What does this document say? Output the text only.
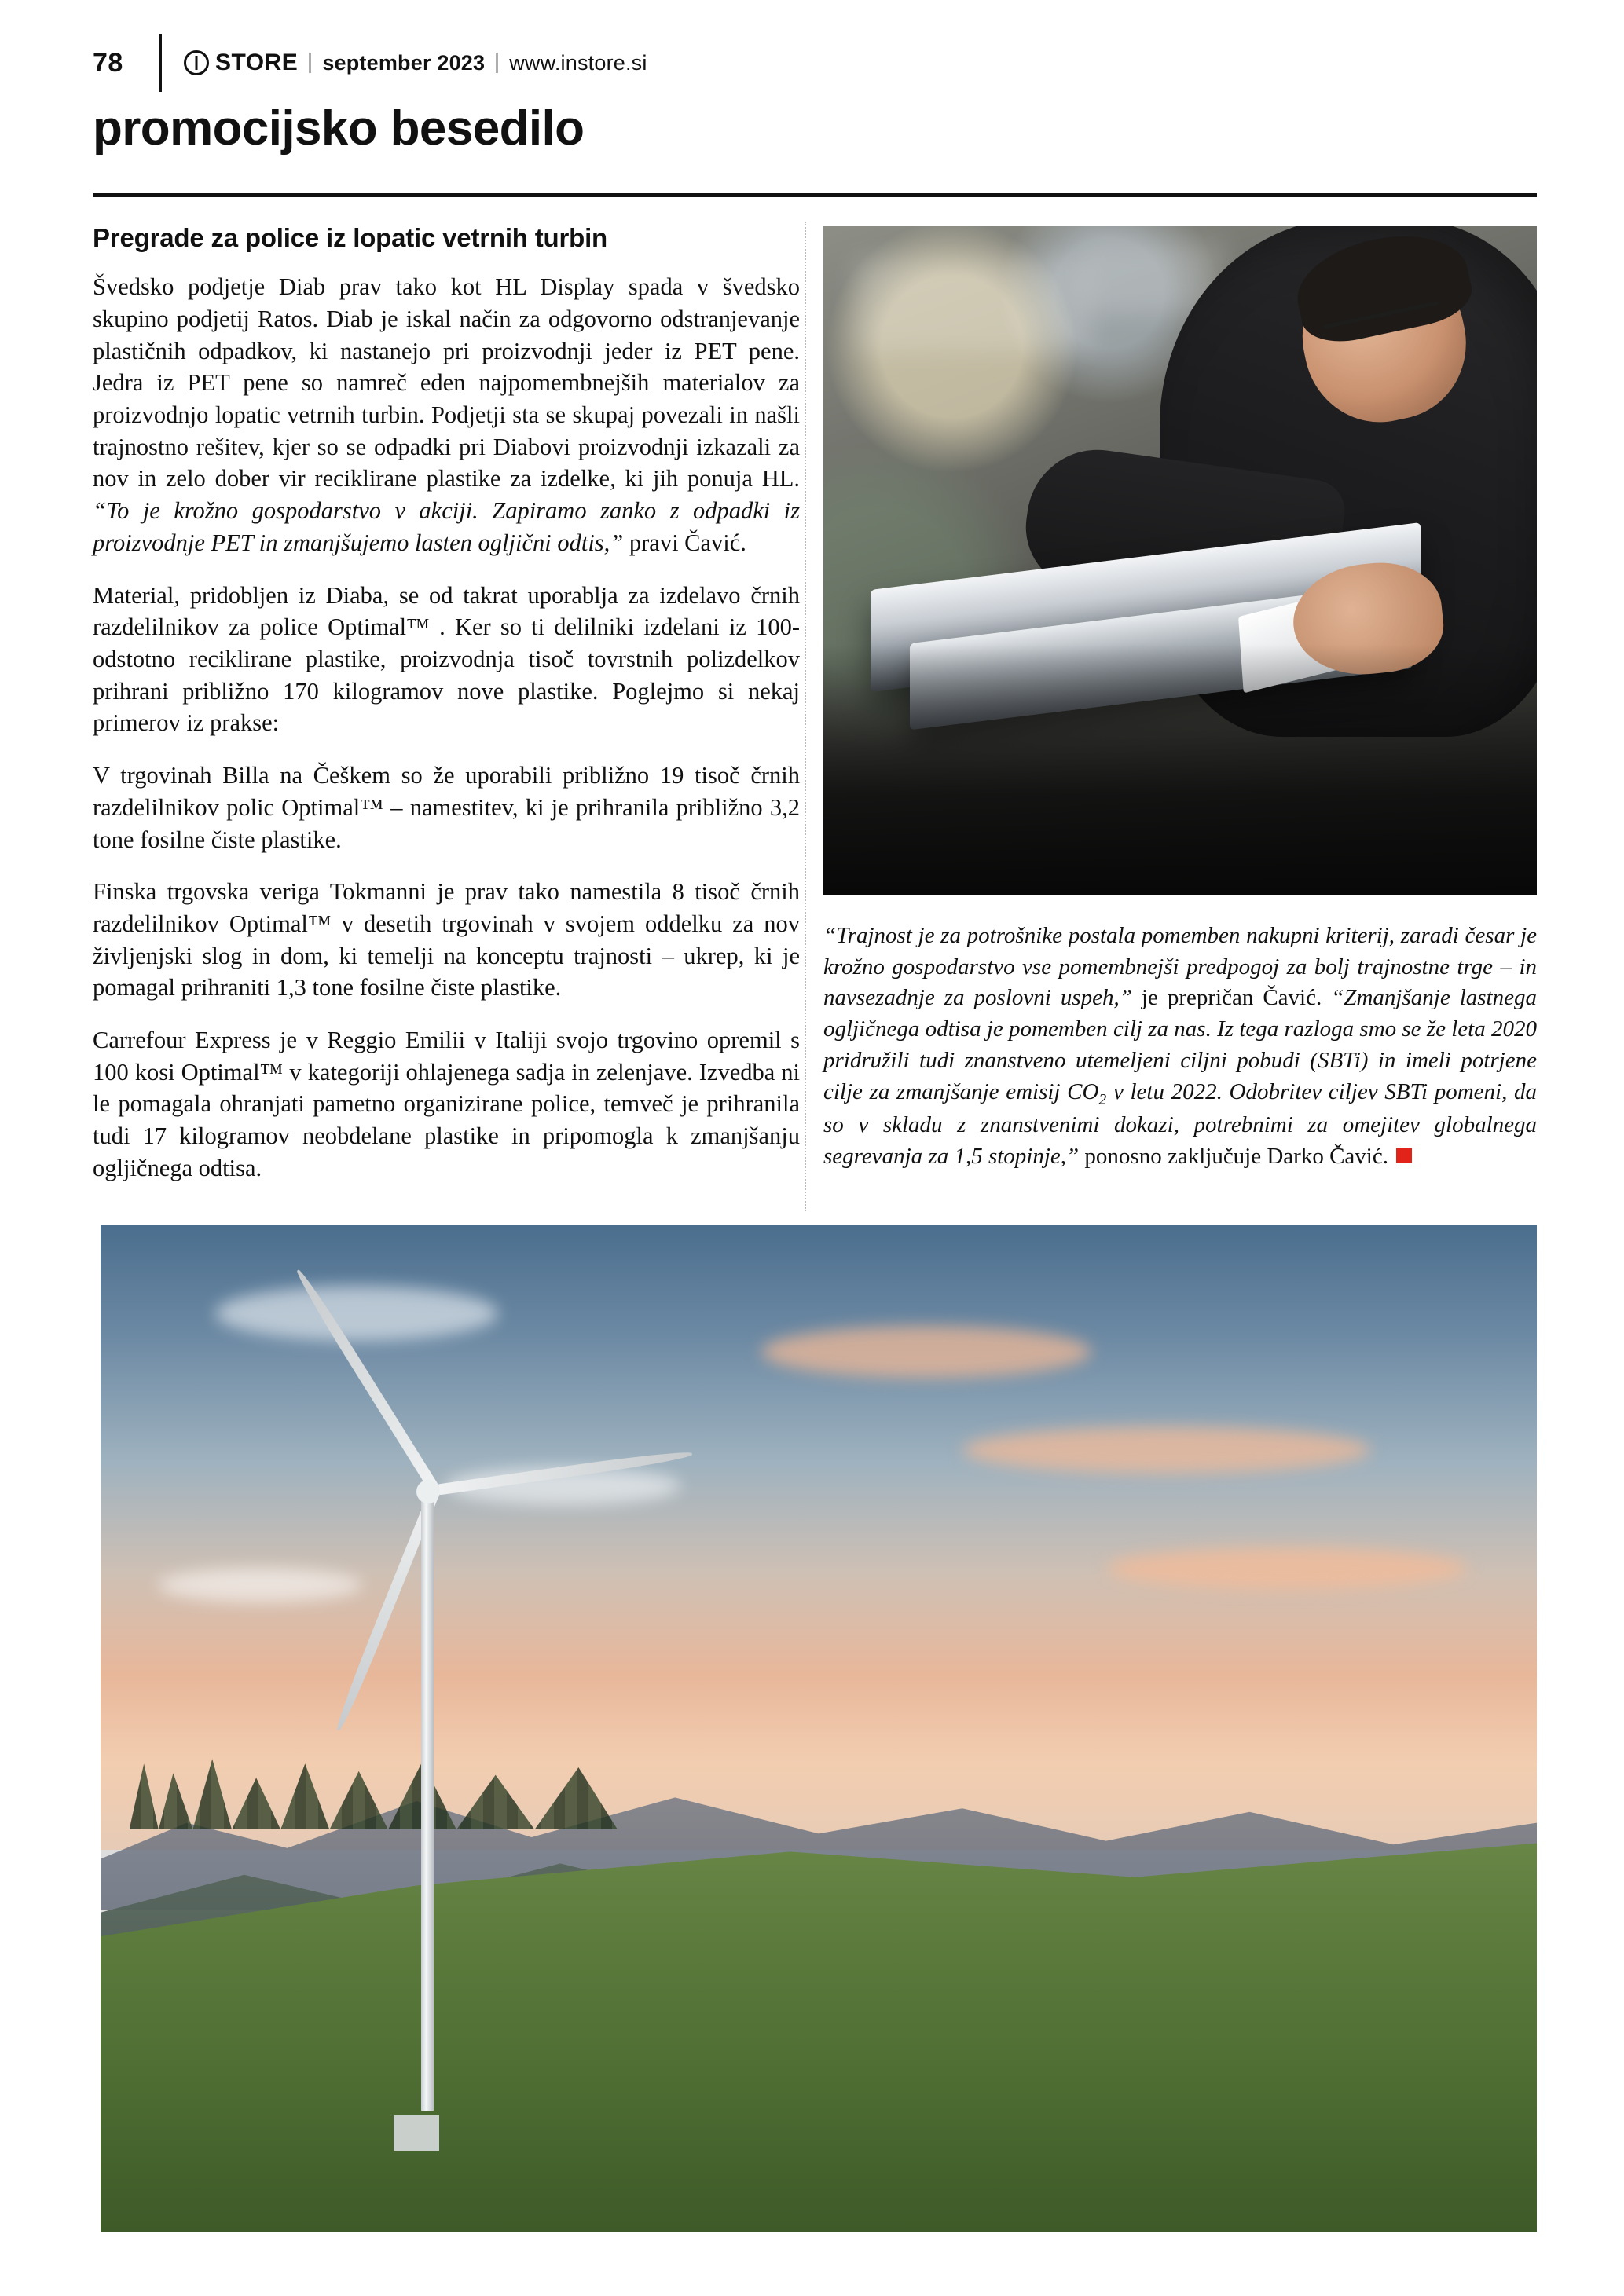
78	STORE september 2023 www.instore.si
promocijsko besedilo
Pregrade za police iz lopatic vetrnih turbin

Švedsko podjetje Diab prav tako kot HL Display spada v švedsko skupino podjetij Ratos. Diab je iskal način za odgovorno odstranjevanje plastičnih odpadkov, ki nastanejo pri proizvodnji jeder iz PET pene. Jedra iz PET pene so namreč eden najpomembnejših materialov za proizvodnjo lopatic vetrnih turbin. Podjetji sta se skupaj povezali in našli trajnostno rešitev, kjer so se odpadki pri Diabovi proizvodnji izkazali za nov in zelo dober vir reciklirane plastike za izdelke, ki jih ponuja HL. “To je krožno gospodarstvo v akciji. Zapiramo zanko z odpadki iz proizvodnje PET in zmanjšujemo lasten ogljični odtis,” pravi Čavić.

Material, pridobljen iz Diaba, se od takrat uporablja za izdelavo črnih razdelilnikov za police Optimal™ . Ker so ti delilniki izdelani iz 100-odstotno reciklirane plastike, proizvodnja tisoč tovrstnih polizdelkov prihrani približno 170 kilogramov nove plastike. Poglejmo si nekaj primerov iz prakse:

V trgovinah Billa na Češkem so že uporabili približno 19 tisoč črnih razdelilnikov polic Optimal™ – namestitev, ki je prihranila približno 3,2 tone fosilne čiste plastike.

Finska trgovska veriga Tokmanni je prav tako namestila 8 tisoč črnih razdelilnikov Optimal™ v desetih trgovinah v svojem oddelku za nov življenjski slog in dom, ki temelji na konceptu trajnosti – ukrep, ki je pomagal prihraniti 1,3 tone fosilne čiste plastike.

Carrefour Express je v Reggio Emilii v Italiji svojo trgovino opremil s 100 kosi Optimal™ v kategoriji ohlajenega sadja in zelenjave. Izvedba ni le pomagala ohranjati pametno organizirane police, temveč je prihranila tudi 17 kilogramov neobdelane plastike in pripomogla k zmanjšanju ogljičnega odtisa.

“Trajnost je za potrošnike postala pomemben nakupni kriterij, zaradi česar je krožno gospodarstvo vse pomembnejši predpogoj za bolj trajnostne trge – in navsezadnje za poslovni uspeh,” je prepričan Čavić. “Zmanjšanje lastnega ogljičnega odtisa je pomemben cilj za nas. Iz tega razloga smo se že leta 2020 pridružili tudi znanstveno utemeljeni ciljni pobudi (SBTi) in imeli potrjene cilje za zmanjšanje emisij $CO_2$ v letu 2022. Odobritev ciljev SBTi pomeni, da so v skladu z znanstvenimi dokazi, potrebnimi za omejitev globalnega segrevanja za 1,5 stopinje,” ponosno zaključuje Darko Čavić.
